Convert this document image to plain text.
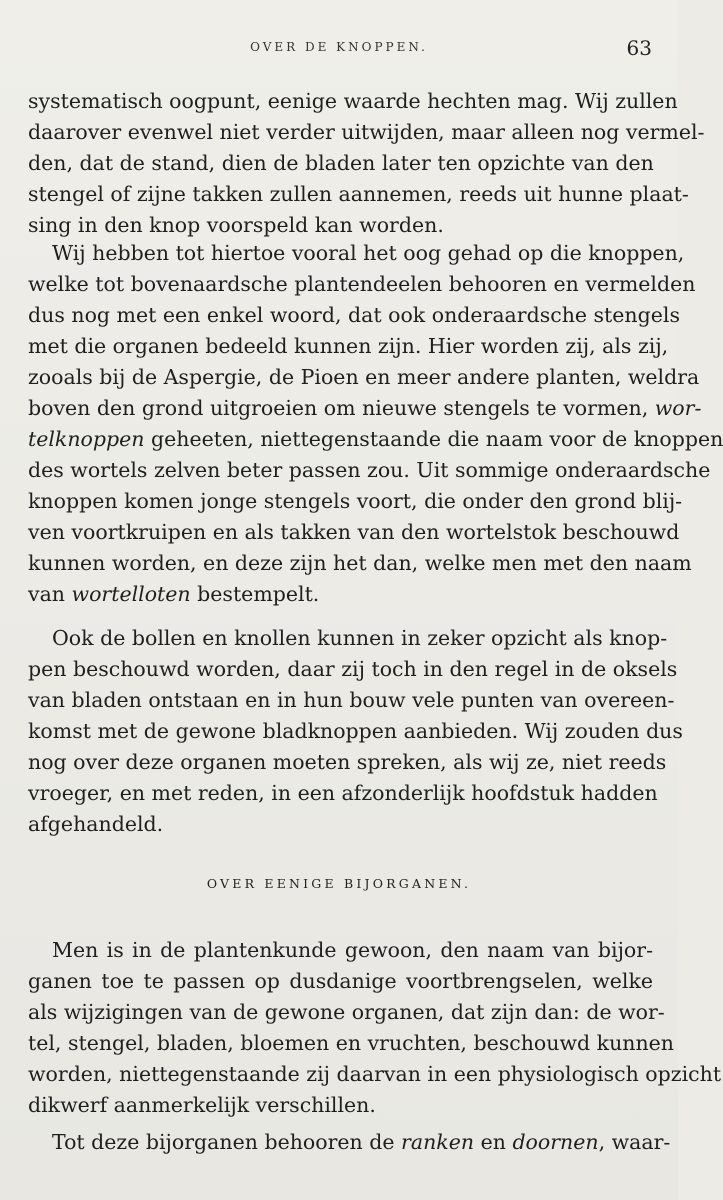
OVER DE KNOPPEN.	63
systematisch oogpunt, eenige waarde hechten mag. Wij zullen
daarover evenwel niet verder uitwijden, maar alleen nog vermel-
den, dat de stand, dien de bladen later ten opzichte van den
stengel of zijne takken zullen aannemen, reeds uit hunne plaat-
sing in den knop voorspeld kan worden.
Wij hebben tot hiertoe vooral het oog gehad op die knoppen,
welke tot bovenaardsche plantendeelen behooren en vermelden
dus nog met een enkel woord, dat ook onderaardsche stengels
met die organen bedeeld kunnen zijn. Hier worden zij, als zij,
zooals bij de Aspergie, de Pioen en meer andere planten, weldra
boven den grond uitgroeien om nieuwe stengels te vormen, wor-
telknoppen geheeten, niettegenstaande die naam voor de knoppen
des wortels zelven beter passen zou. Uit sommige onderaardsche
knoppen komen jonge stengels voort, die onder den grond blij-
ven voortkruipen en als takken van den wortelstok beschouwd
kunnen worden, en deze zijn het dan, welke men met den naam
van wortelloten bestempelt.
Ook de bollen en knollen kunnen in zeker opzicht als knop-
pen beschouwd worden, daar zij toch in den regel in de oksels
van bladen ontstaan en in hun bouw vele punten van overeen-
komst met de gewone bladknoppen aanbieden. Wij zouden dus
nog over deze organen moeten spreken, als wij ze, niet reeds
vroeger, en met reden, in een afzonderlijk hoofdstuk hadden
afgehandeld.
OVER EENIGE BIJORGANEN.
Men is in de plantenkunde gewoon, den naam van bijor-
ganen toe te passen op dusdanige voortbrengselen, welke
als wijzigingen van de gewone organen, dat zijn dan: de wor-
tel, stengel, bladen, bloemen en vruchten, beschouwd kunnen
worden, niettegenstaande zij daarvan in een physiologisch opzicht
dikwerf aanmerkelijk verschillen.
Tot deze bijorganen behooren de ranken en doornen, waar-
